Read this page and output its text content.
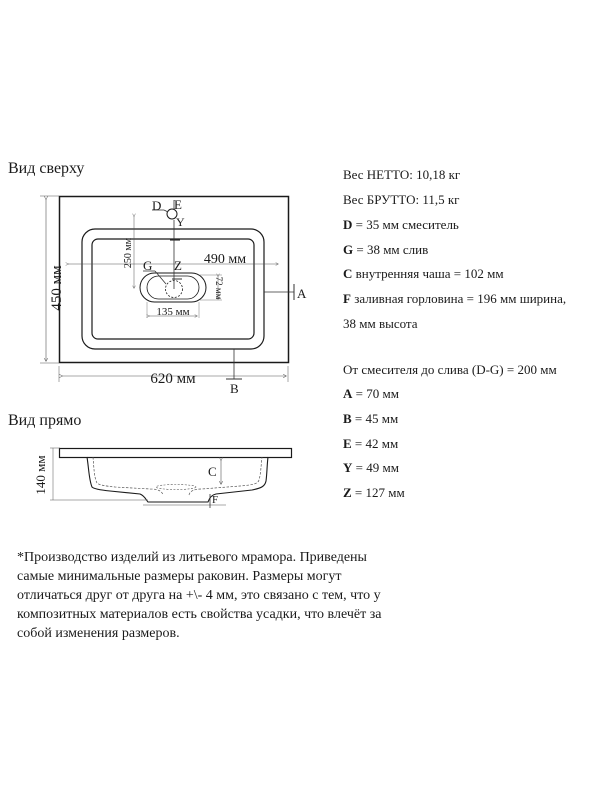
Вид сверху
Вид прямо
450 мм
620 мм
490 мм
250 мм
135 мм
72 мм
D E
Y
G Z
A
B
140 мм	C
F
Вес НЕТТО: 10,18 кг
Вес БРУТТО: 11,5 кг
D = 35 мм смеситель
G = 38 мм слив
C внутренняя чаша = 102 мм
F заливная горловина = 196 мм ширина,
38 мм высота
От смесителя до слива (D-G) = 200 мм
A = 70 мм
B = 45 мм
E = 42 мм
Y = 49 мм
Z = 127 мм
*Производство изделий из литьевого мрамора. Приведены самые минимальные размеры раковин. Размеры могут отличаться друг от друга на +\- 4 мм, это связано с тем, что у композитных материалов есть свойства усадки, что влечёт за собой изменения размеров.
